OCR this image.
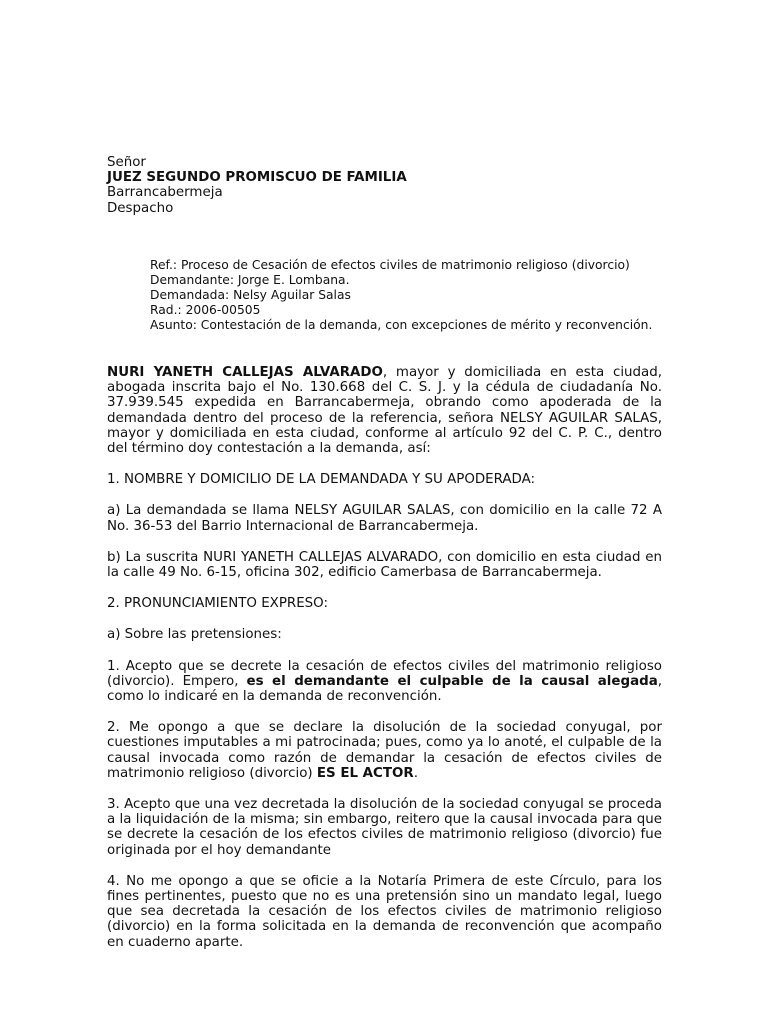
Señor
JUEZ SEGUNDO PROMISCUO DE FAMILIA
Barrancabermeja
Despacho
Ref.: Proceso de Cesación de efectos civiles de matrimonio religioso (divorcio)
Demandante: Jorge E. Lombana.
Demandada: Nelsy Aguilar Salas
Rad.: 2006-00505
Asunto: Contestación de la demanda, con excepciones de mérito y reconvención.

NURI YANETH CALLEJAS ALVARADO, mayor y domiciliada en esta ciudad, abogada inscrita bajo el No. 130.668 del C. S. J. y la cédula de ciudadanía No. 37.939.545 expedida en Barrancabermeja, obrando como apoderada de la demandada dentro del proceso de la referencia, señora NELSY AGUILAR SALAS, mayor y domiciliada en esta ciudad, conforme al artículo 92 del C. P. C., dentro del término doy contestación a la demanda, así:

1. NOMBRE Y DOMICILIO DE LA DEMANDADA Y SU APODERADA:

a) La demandada se llama NELSY AGUILAR SALAS, con domicilio en la calle 72 A No. 36-53 del Barrio Internacional de Barrancabermeja.

b) La suscrita NURI YANETH CALLEJAS ALVARADO, con domicilio en esta ciudad en la calle 49 No. 6-15, oficina 302, edificio Camerbasa de Barrancabermeja.

2. PRONUNCIAMIENTO EXPRESO:

a) Sobre las pretensiones:

1. Acepto que se decrete la cesación de efectos civiles del matrimonio religioso (divorcio). Empero, es el demandante el culpable de la causal alegada, como lo indicaré en la demanda de reconvención.

2. Me opongo a que se declare la disolución de la sociedad conyugal, por cuestiones imputables a mi patrocinada; pues, como ya lo anoté, el culpable de la causal invocada como razón de demandar la cesación de efectos civiles de matrimonio religioso (divorcio) ES EL ACTOR.

3. Acepto que una vez decretada la disolución de la sociedad conyugal se proceda a la liquidación de la misma; sin embargo, reitero que la causal invocada para que se decrete la cesación de los efectos civiles de matrimonio religioso (divorcio) fue originada por el hoy demandante

4. No me opongo a que se oficie a la Notaría Primera de este Círculo, para los fines pertinentes, puesto que no es una pretensión sino un mandato legal, luego que sea decretada la cesación de los efectos civiles de matrimonio religioso (divorcio) en la forma solicitada en la demanda de reconvención que acompaño en cuaderno aparte.
